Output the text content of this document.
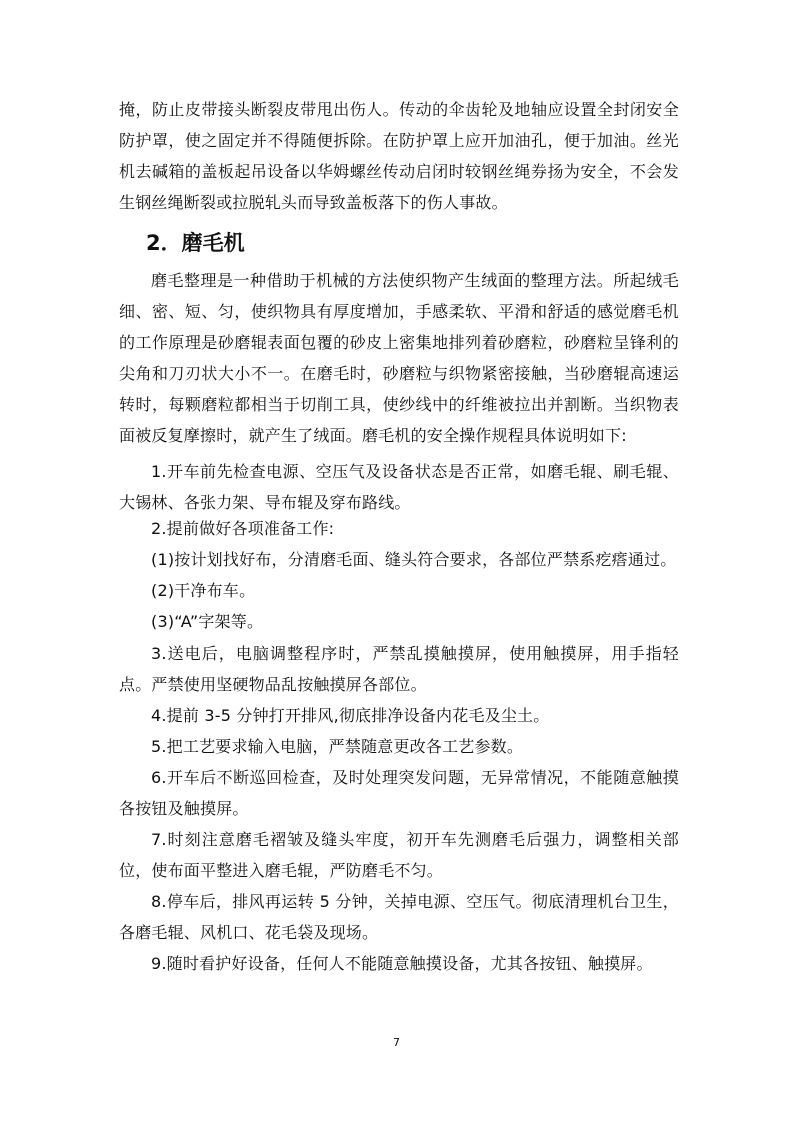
掩，防止皮带接头断裂皮带甩出伤人。传动的伞齿轮及地轴应设置全封闭安全防护罩，使之固定并不得随便拆除。在防护罩上应开加油孔，便于加油。丝光机去碱箱的盖板起吊设备以华姆螺丝传动启闭时较钢丝绳券扬为安全，不会发生钢丝绳断裂或拉脱轧头而导致盖板落下的伤人事故。

2．磨毛机

磨毛整理是一种借助于机械的方法使织物产生绒面的整理方法。所起绒毛细、密、短、匀，使织物具有厚度增加，手感柔软、平滑和舒适的感觉磨毛机的工作原理是砂磨辊表面包覆的砂皮上密集地排列着砂磨粒，砂磨粒呈锋利的尖角和刀刃状大小不一。在磨毛时，砂磨粒与织物紧密接触，当砂磨辊高速运转时，每颗磨粒都相当于切削工具，使纱线中的纤维被拉出并割断。当织物表面被反复摩擦时，就产生了绒面。磨毛机的安全操作规程具体说明如下:

1.开车前先检查电源、空压气及设备状态是否正常，如磨毛辊、刷毛辊、大锡林、各张力架、导布辊及穿布路线。

2.提前做好各项准备工作:

(1)按计划找好布，分清磨毛面、缝头符合要求，各部位严禁系疙瘩通过。

(2)干净布车。

(3)“A”字架等。

3.送电后，电脑调整程序时，严禁乱摸触摸屏，使用触摸屏，用手指轻点。严禁使用坚硬物品乱按触摸屏各部位。

4.提前 3-5 分钟打开排风,彻底排净设备内花毛及尘土。

5.把工艺要求输入电脑，严禁随意更改各工艺参数。

6.开车后不断巡回检查，及时处理突发问题，无异常情况，不能随意触摸各按钮及触摸屏。

7.时刻注意磨毛褶皱及缝头牢度，初开车先测磨毛后强力，调整相关部位，使布面平整进入磨毛辊，严防磨毛不匀。

8.停车后，排风再运转 5 分钟，关掉电源、空压气。彻底清理机台卫生，各磨毛辊、风机口、花毛袋及现场。

9.随时看护好设备，任何人不能随意触摸设备，尤其各按钮、触摸屏。

7
